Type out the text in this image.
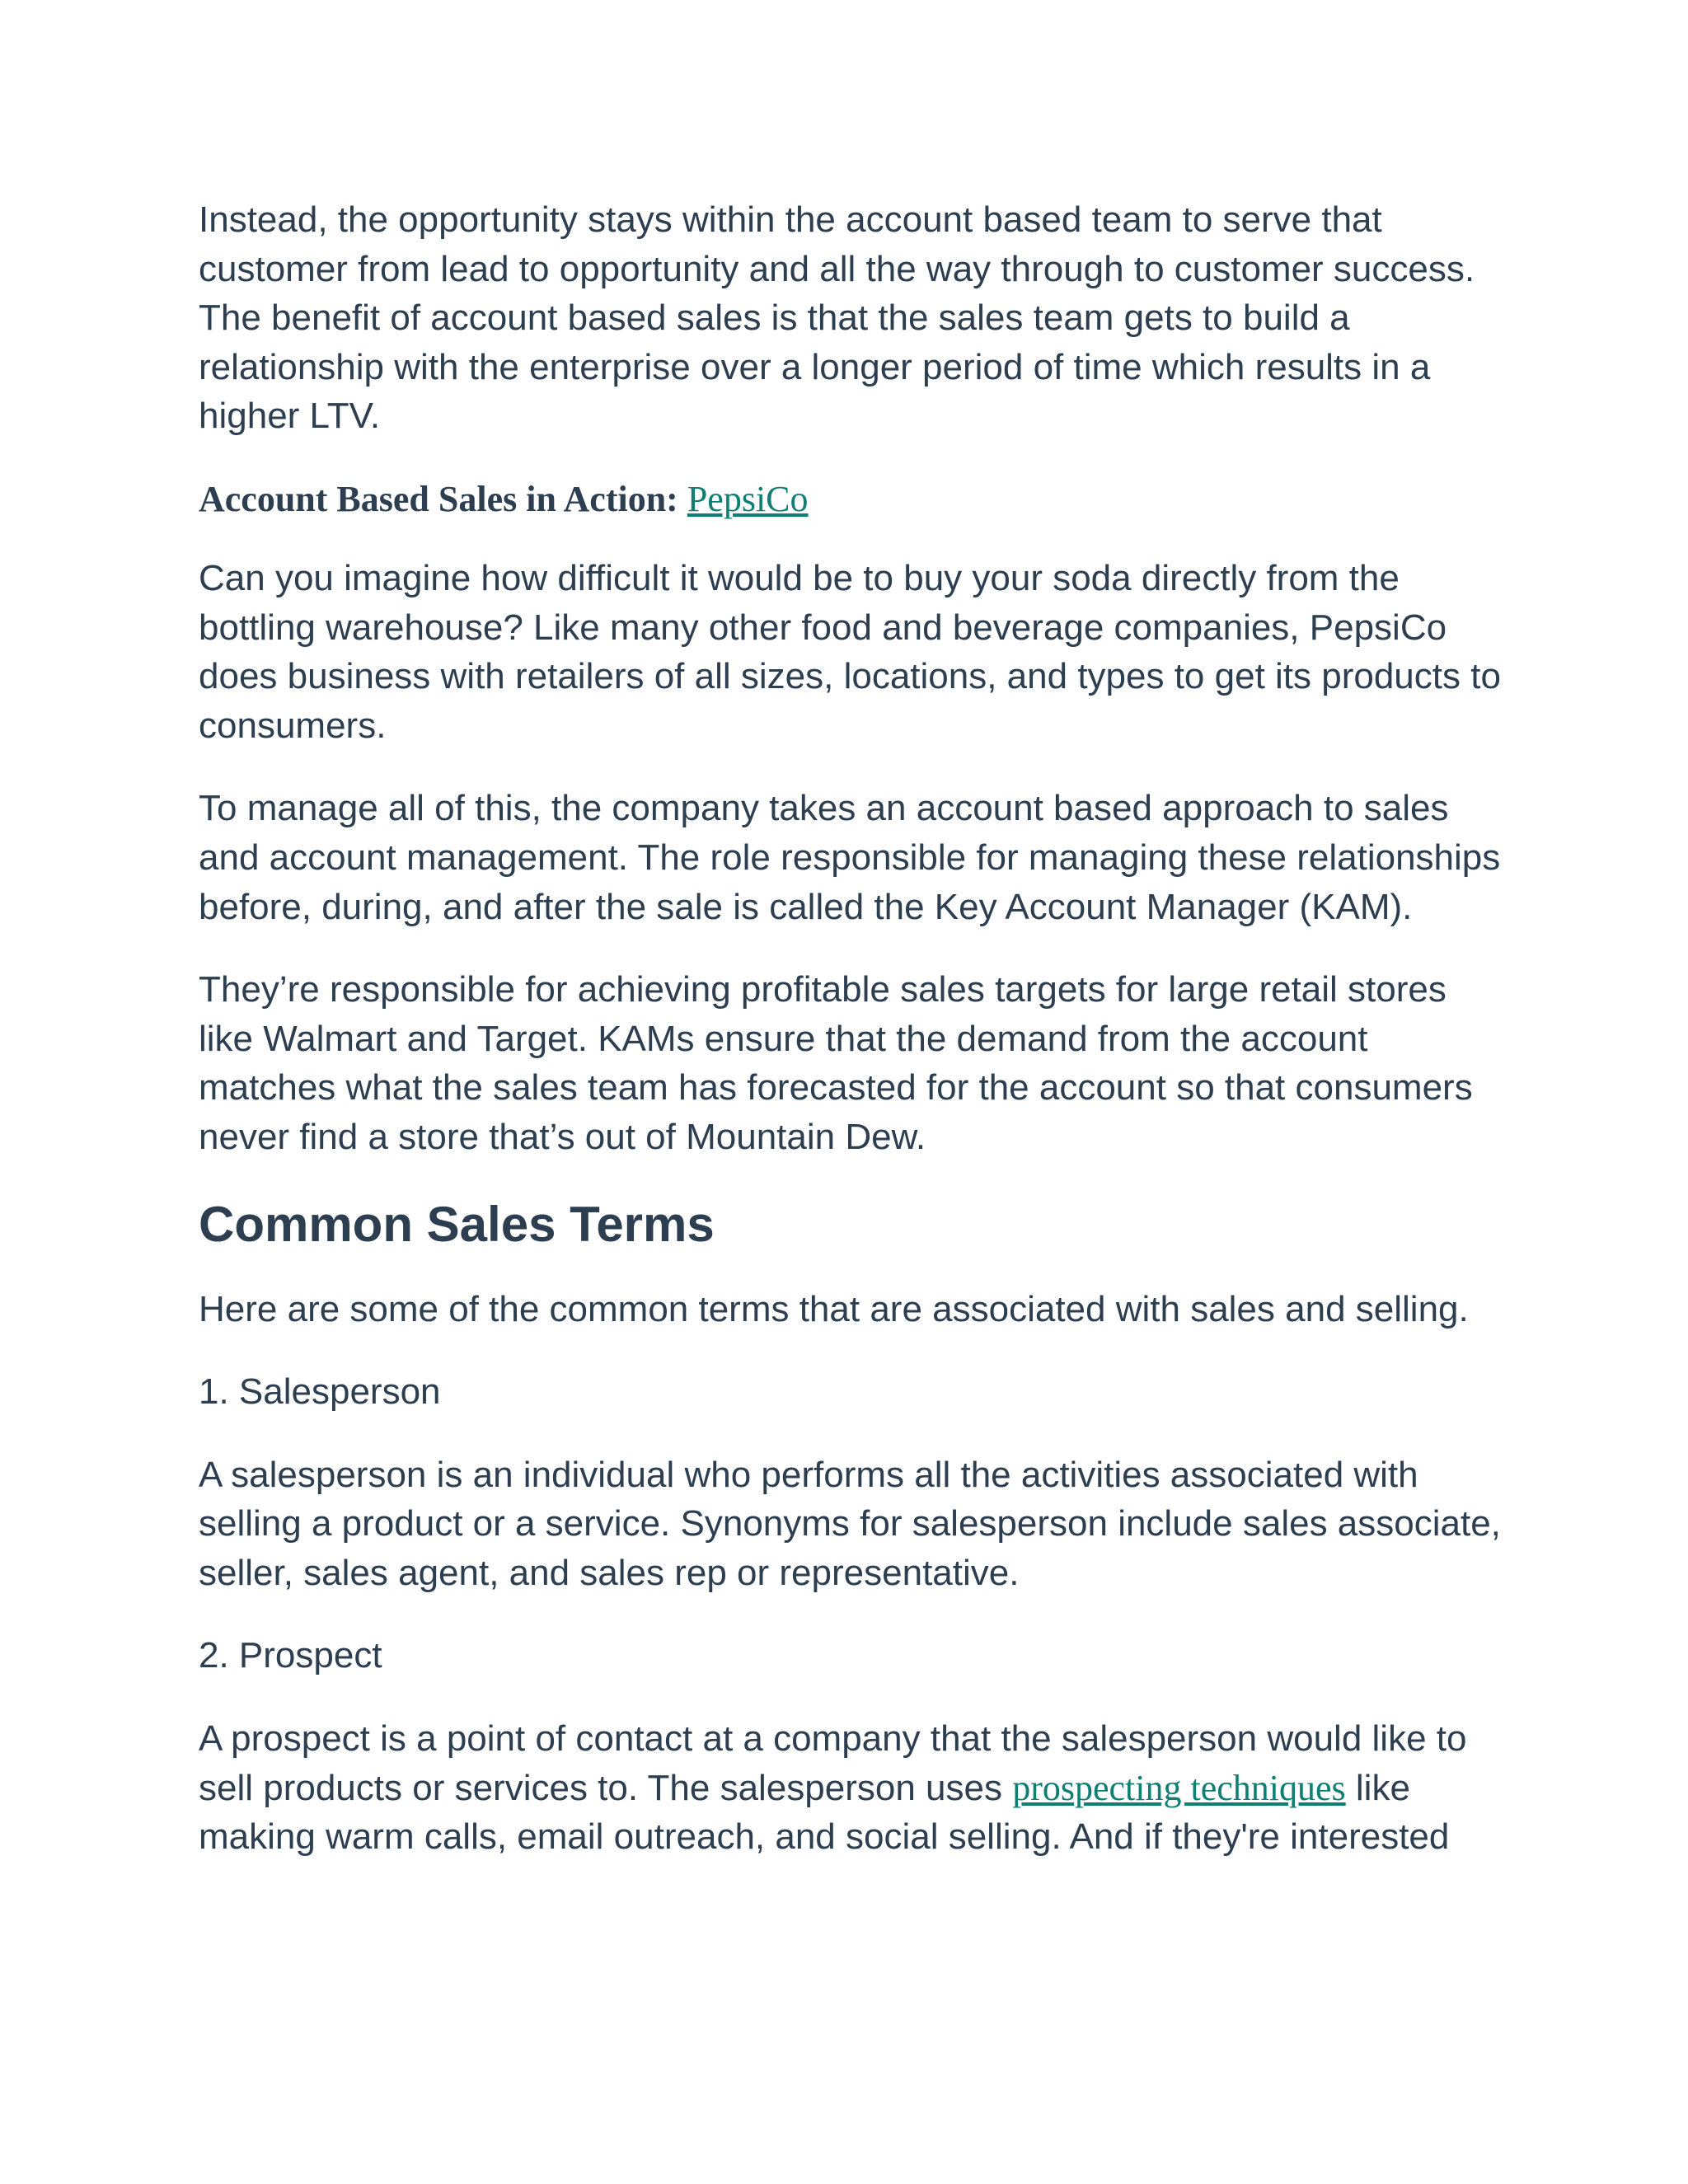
Instead, the opportunity stays within the account based team to serve that customer from lead to opportunity and all the way through to customer success. The benefit of account based sales is that the sales team gets to build a relationship with the enterprise over a longer period of time which results in a higher LTV.

Account Based Sales in Action: PepsiCo

Can you imagine how difficult it would be to buy your soda directly from the bottling warehouse? Like many other food and beverage companies, PepsiCo does business with retailers of all sizes, locations, and types to get its products to consumers.

To manage all of this, the company takes an account based approach to sales and account management. The role responsible for managing these relationships before, during, and after the sale is called the Key Account Manager (KAM).

They’re responsible for achieving profitable sales targets for large retail stores like Walmart and Target. KAMs ensure that the demand from the account matches what the sales team has forecasted for the account so that consumers never find a store that’s out of Mountain Dew.

Common Sales Terms

Here are some of the common terms that are associated with sales and selling.

1. Salesperson

A salesperson is an individual who performs all the activities associated with selling a product or a service. Synonyms for salesperson include sales associate, seller, sales agent, and sales rep or representative.

2. Prospect

A prospect is a point of contact at a company that the salesperson would like to sell products or services to. The salesperson uses prospecting techniques like making warm calls, email outreach, and social selling. And if they're interested
